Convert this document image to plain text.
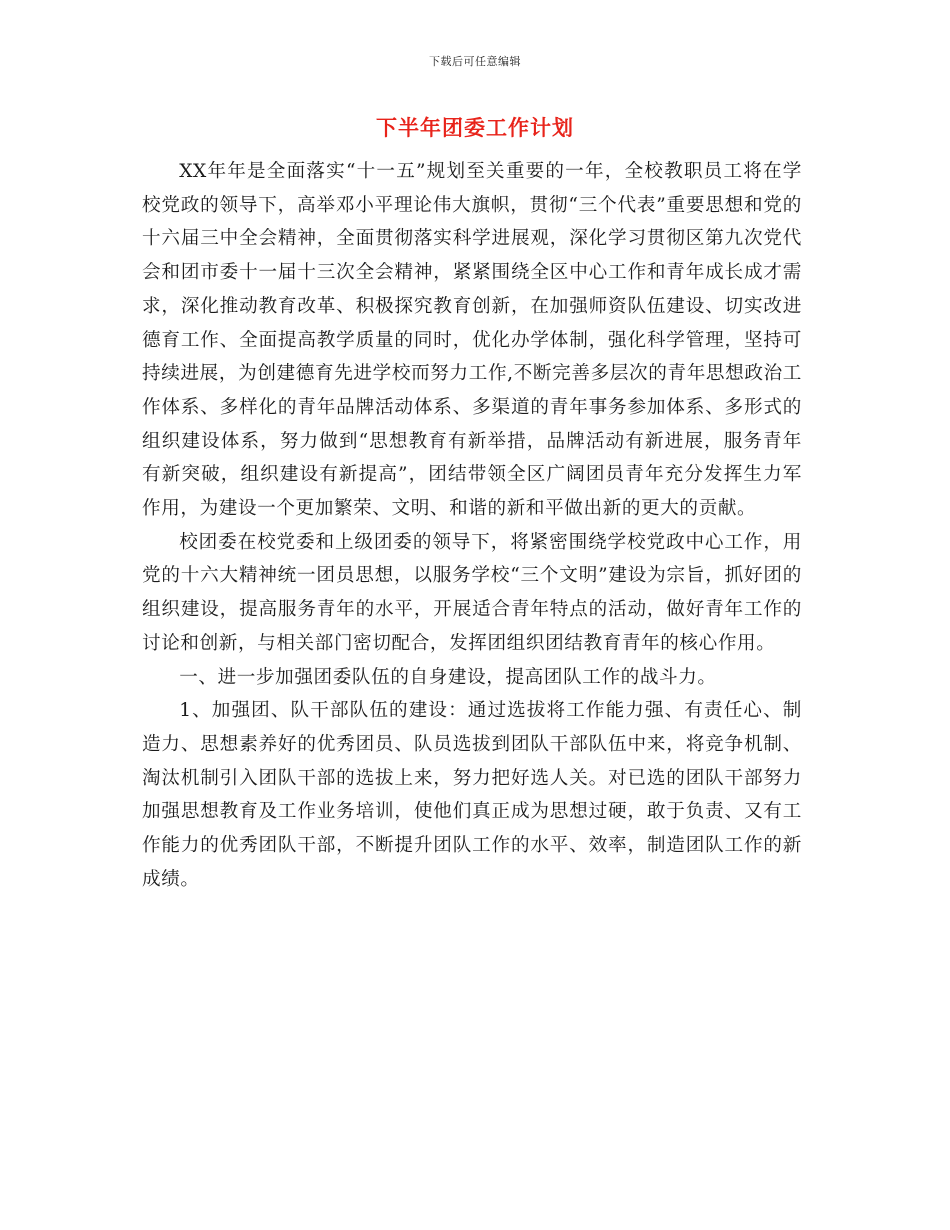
下载后可任意编辑
下半年团委工作计划

XX年年是全面落实“十一五”规划至关重要的一年，全校教职员工将在学校党政的领导下，高举邓小平理论伟大旗帜，贯彻“三个代表”重要思想和党的十六届三中全会精神，全面贯彻落实科学进展观，深化学习贯彻区第九次党代会和团市委十一届十三次全会精神，紧紧围绕全区中心工作和青年成长成才需求，深化推动教育改革、积极探究教育创新，在加强师资队伍建设、切实改进德育工作、全面提高教学质量的同时，优化办学体制，强化科学管理，坚持可持续进展，为创建德育先进学校而努力工作,不断完善多层次的青年思想政治工作体系、多样化的青年品牌活动体系、多渠道的青年事务参加体系、多形式的组织建设体系，努力做到“思想教育有新举措，品牌活动有新进展，服务青年有新突破，组织建设有新提高”，团结带领全区广阔团员青年充分发挥生力军作用，为建设一个更加繁荣、文明、和谐的新和平做出新的更大的贡献。

校团委在校党委和上级团委的领导下，将紧密围绕学校党政中心工作，用党的十六大精神统一团员思想，以服务学校“三个文明”建设为宗旨，抓好团的组织建设，提高服务青年的水平，开展适合青年特点的活动，做好青年工作的讨论和创新，与相关部门密切配合，发挥团组织团结教育青年的核心作用。

一、进一步加强团委队伍的自身建设，提高团队工作的战斗力。

1、加强团、队干部队伍的建设：通过选拔将工作能力强、有责任心、制造力、思想素养好的优秀团员、队员选拔到团队干部队伍中来，将竞争机制、淘汰机制引入团队干部的选拔上来，努力把好选人关。对已选的团队干部努力加强思想教育及工作业务培训，使他们真正成为思想过硬，敢于负责、又有工作能力的优秀团队干部，不断提升团队工作的水平、效率，制造团队工作的新成绩。
